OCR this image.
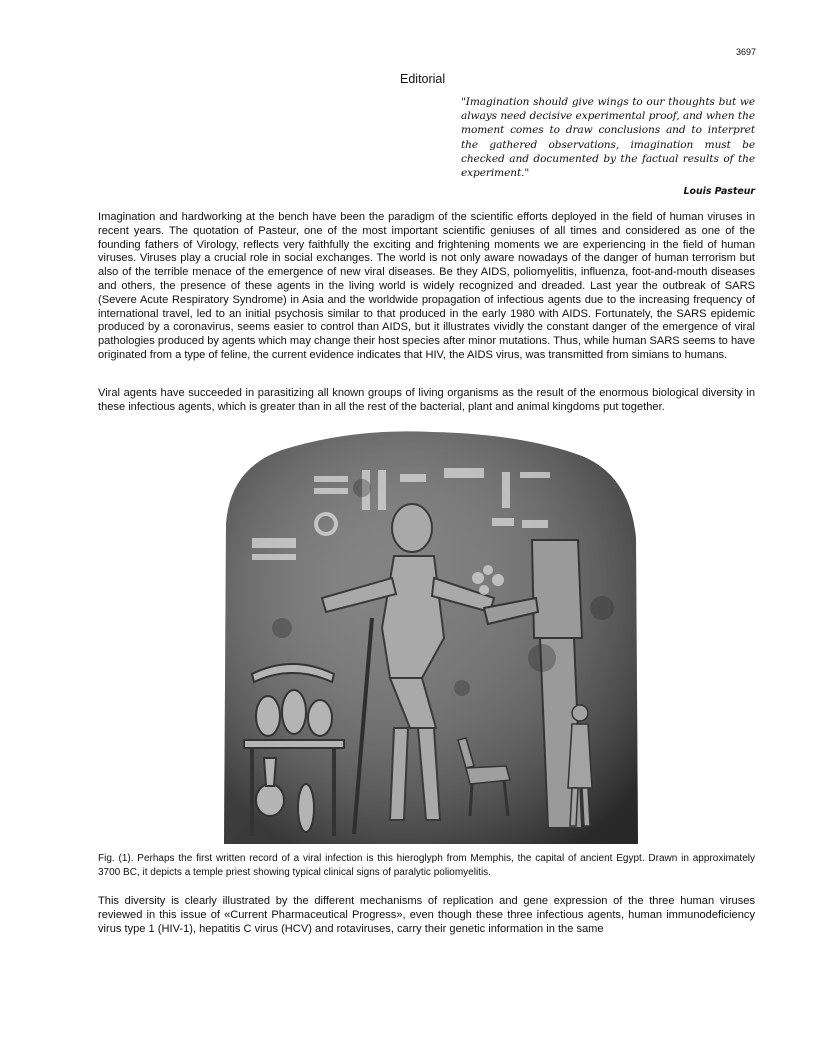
3697
Editorial
"Imagination should give wings to our thoughts but we always need decisive experimental proof, and when the moment comes to draw conclusions and to interpret the gathered observations, imagination must be checked and documented by the factual results of the experiment."
Louis Pasteur

Imagination and hardworking at the bench have been the paradigm of the scientific efforts deployed in the field of human viruses in recent years. The quotation of Pasteur, one of the most important scientific geniuses of all times and considered as one of the founding fathers of Virology, reflects very faithfully the exciting and frightening moments we are experiencing in the field of human viruses. Viruses play a crucial role in social exchanges. The world is not only aware nowadays of the danger of human terrorism but also of the terrible menace of the emergence of new viral diseases. Be they AIDS, poliomyelitis, influenza, foot-and-mouth diseases and others, the presence of these agents in the living world is widely recognized and dreaded. Last year the outbreak of SARS (Severe Acute Respiratory Syndrome) in Asia and the worldwide propagation of infectious agents due to the increasing frequency of international travel, led to an initial psychosis similar to that produced in the early 1980 with AIDS. Fortunately, the SARS epidemic produced by a coronavirus, seems easier to control than AIDS, but it illustrates vividly the constant danger of the emergence of viral pathologies produced by agents which may change their host species after minor mutations. Thus, while human SARS seems to have originated from a type of feline, the current evidence indicates that HIV, the AIDS virus, was transmitted from simians to humans.

Viral agents have succeeded in parasitizing all known groups of living organisms as the result of the enormous biological diversity in these infectious agents, which is greater than in all the rest of the bacterial, plant and animal kingdoms put together.

Fig. (1). Perhaps the first written record of a viral infection is this hieroglyph from Memphis, the capital of ancient Egypt. Drawn in approximately 3700 BC, it depicts a temple priest showing typical clinical signs of paralytic poliomyelitis.

This diversity is clearly illustrated by the different mechanisms of replication and gene expression of the three human viruses reviewed in this issue of «Current Pharmaceutical Progress», even though these three infectious agents, human immunodeficiency virus type 1 (HIV-1), hepatitis C virus (HCV) and rotaviruses, carry their genetic information in the same
